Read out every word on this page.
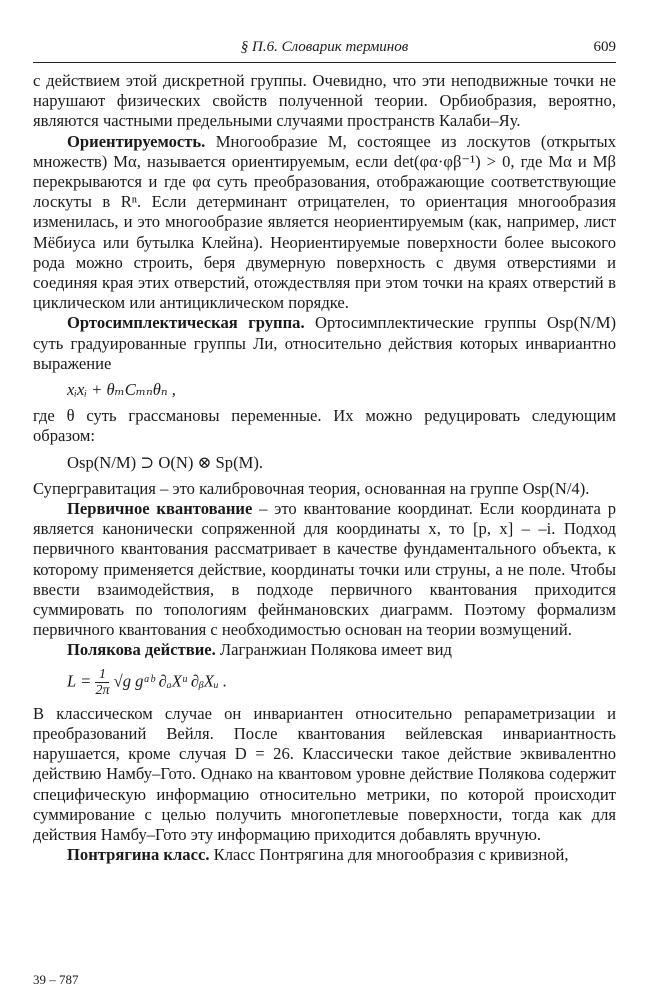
§ П.6. Словарик терминов	609

с действием этой дискретной группы. Очевидно, что эти неподвижные точки не нарушают физических свойств полученной теории. Орбиобразия, вероятно, являются частными предельными случаями пространств Калаби–Яу.

Ориентируемость. Многообразие M, состоящее из лоскутов (открытых множеств) Mα, называется ориентируемым, если det(φα·φβ⁻¹) > 0, где Mα и Mβ перекрываются и где φα суть преобразования, отображающие соответствующие лоскуты в Rⁿ. Если детерминант отрицателен, то ориентация многообразия изменилась, и это многообразие является неориентируемым (как, например, лист Мёбиуса или бутылка Клейна). Неориентируемые поверхности более высокого рода можно строить, беря двумерную поверхность с двумя отверстиями и соединяя края этих отверстий, отождествляя при этом точки на краях отверстий в циклическом или антициклическом порядке.

Ортосимплектическая группа. Ортосимплектические группы Osp(N/M) суть градуированные группы Ли, относительно действия которых инвариантно выражение

xᵢxᵢ + θₘCₘₙθₙ ,

где θ суть грассмановы переменные. Их можно редуцировать следующим образом:

Osp(N/M) ⊃ O(N) ⊗ Sp(M).

Супергравитация – это калибровочная теория, основанная на группе Osp(N/4).

Первичное квантование – это квантование координат. Если координата p является канонически сопряженной для координаты x, то [p, x] – –i. Подход первичного квантования рассматривает в качестве фундаментального объекта, к которому применяется действие, координаты точки или струны, а не поле. Чтобы ввести взаимодействия, в подходе первичного квантования приходится суммировать по топологиям фейнмановских диаграмм. Поэтому формализм первичного квантования с необходимостью основан на теории возмущений.

Полякова действие. Лагранжиан Полякова имеет вид

$L = \frac{1}{2\pi} √g$ gᵃᵇ ∂ₐXᵘ ∂ᵦXᵤ .

В классическом случае он инвариантен относительно репараметризации и преобразований Вейля. После квантования вейлевская инвариантность нарушается, кроме случая D = 26. Классически такое действие эквивалентно действию Намбу–Гото. Однако на квантовом уровне действие Полякова содержит специфическую информацию относительно метрики, по которой происходит суммирование с целью получить многопетлевые поверхности, тогда как для действия Намбу–Гото эту информацию приходится добавлять вручную.

Понтрягина класс. Класс Понтрягина для многообразия с кривизной,

39 – 787
